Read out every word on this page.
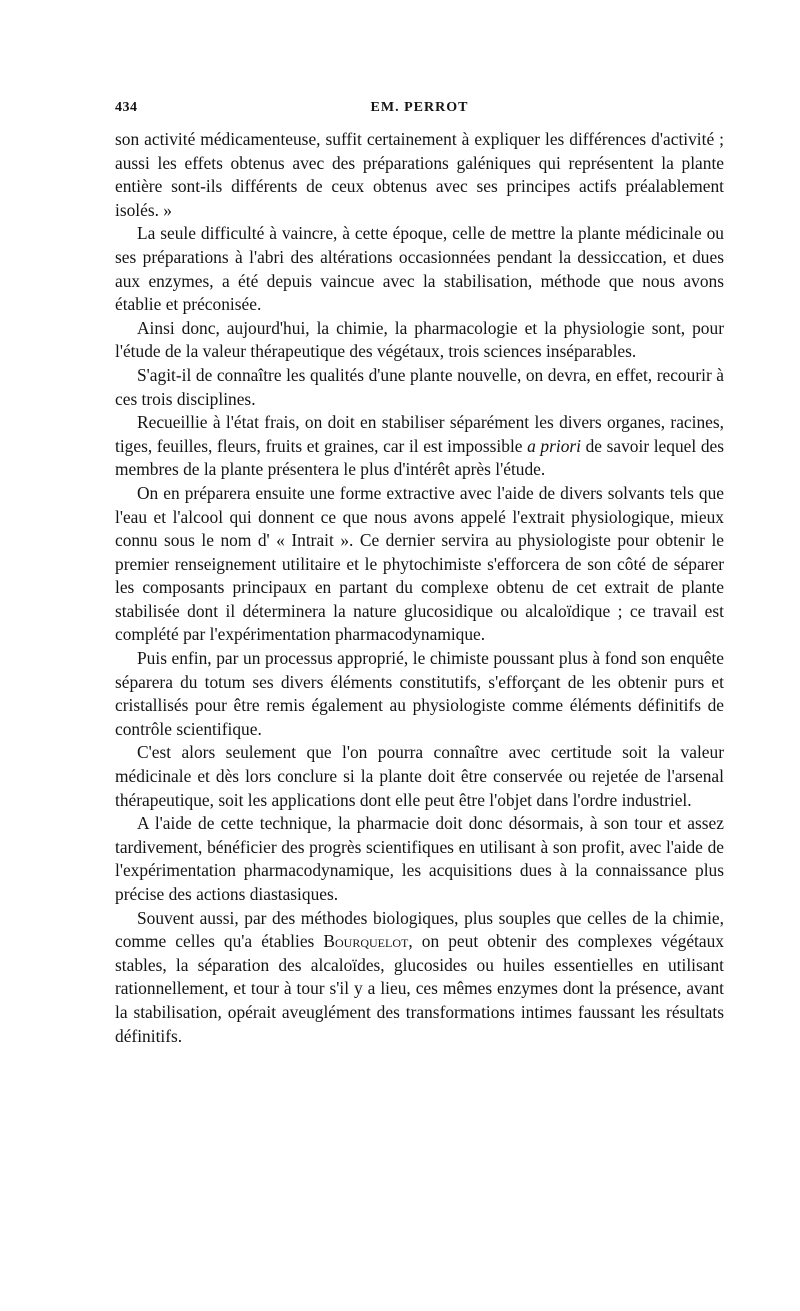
434	EM. PERROT

son activité médicamenteuse, suffit certainement à expliquer les différences d'activité ; aussi les effets obtenus avec des préparations galéniques qui représentent la plante entière sont-ils différents de ceux obtenus avec ses principes actifs préalablement isolés. »

La seule difficulté à vaincre, à cette époque, celle de mettre la plante médicinale ou ses préparations à l'abri des altérations occasionnées pendant la dessiccation, et dues aux enzymes, a été depuis vaincue avec la stabilisation, méthode que nous avons établie et préconisée.

Ainsi donc, aujourd'hui, la chimie, la pharmacologie et la physiologie sont, pour l'étude de la valeur thérapeutique des végétaux, trois sciences inséparables.

S'agit-il de connaître les qualités d'une plante nouvelle, on devra, en effet, recourir à ces trois disciplines.

Recueillie à l'état frais, on doit en stabiliser séparément les divers organes, racines, tiges, feuilles, fleurs, fruits et graines, car il est impossible a priori de savoir lequel des membres de la plante présentera le plus d'intérêt après l'étude.

On en préparera ensuite une forme extractive avec l'aide de divers solvants tels que l'eau et l'alcool qui donnent ce que nous avons appelé l'extrait physiologique, mieux connu sous le nom d' « Intrait ». Ce dernier servira au physiologiste pour obtenir le premier renseignement utilitaire et le phytochimiste s'efforcera de son côté de séparer les composants principaux en partant du complexe obtenu de cet extrait de plante stabilisée dont il déterminera la nature glucosidique ou alcaloïdique ; ce travail est complété par l'expérimentation pharmacodynamique.

Puis enfin, par un processus approprié, le chimiste poussant plus à fond son enquête séparera du totum ses divers éléments constitutifs, s'efforçant de les obtenir purs et cristallisés pour être remis également au physiologiste comme éléments définitifs de contrôle scientifique.

C'est alors seulement que l'on pourra connaître avec certitude soit la valeur médicinale et dès lors conclure si la plante doit être conservée ou rejetée de l'arsenal thérapeutique, soit les applications dont elle peut être l'objet dans l'ordre industriel.

A l'aide de cette technique, la pharmacie doit donc désormais, à son tour et assez tardivement, bénéficier des progrès scientifiques en utilisant à son profit, avec l'aide de l'expérimentation pharmacodynamique, les acquisitions dues à la connaissance plus précise des actions diastasiques.

Souvent aussi, par des méthodes biologiques, plus souples que celles de la chimie, comme celles qu'a établies Bourquelot, on peut obtenir des complexes végétaux stables, la séparation des alcaloïdes, glucosides ou huiles essentielles en utilisant rationnellement, et tour à tour s'il y a lieu, ces mêmes enzymes dont la présence, avant la stabilisation, opérait aveuglément des transformations intimes faussant les résultats définitifs.
